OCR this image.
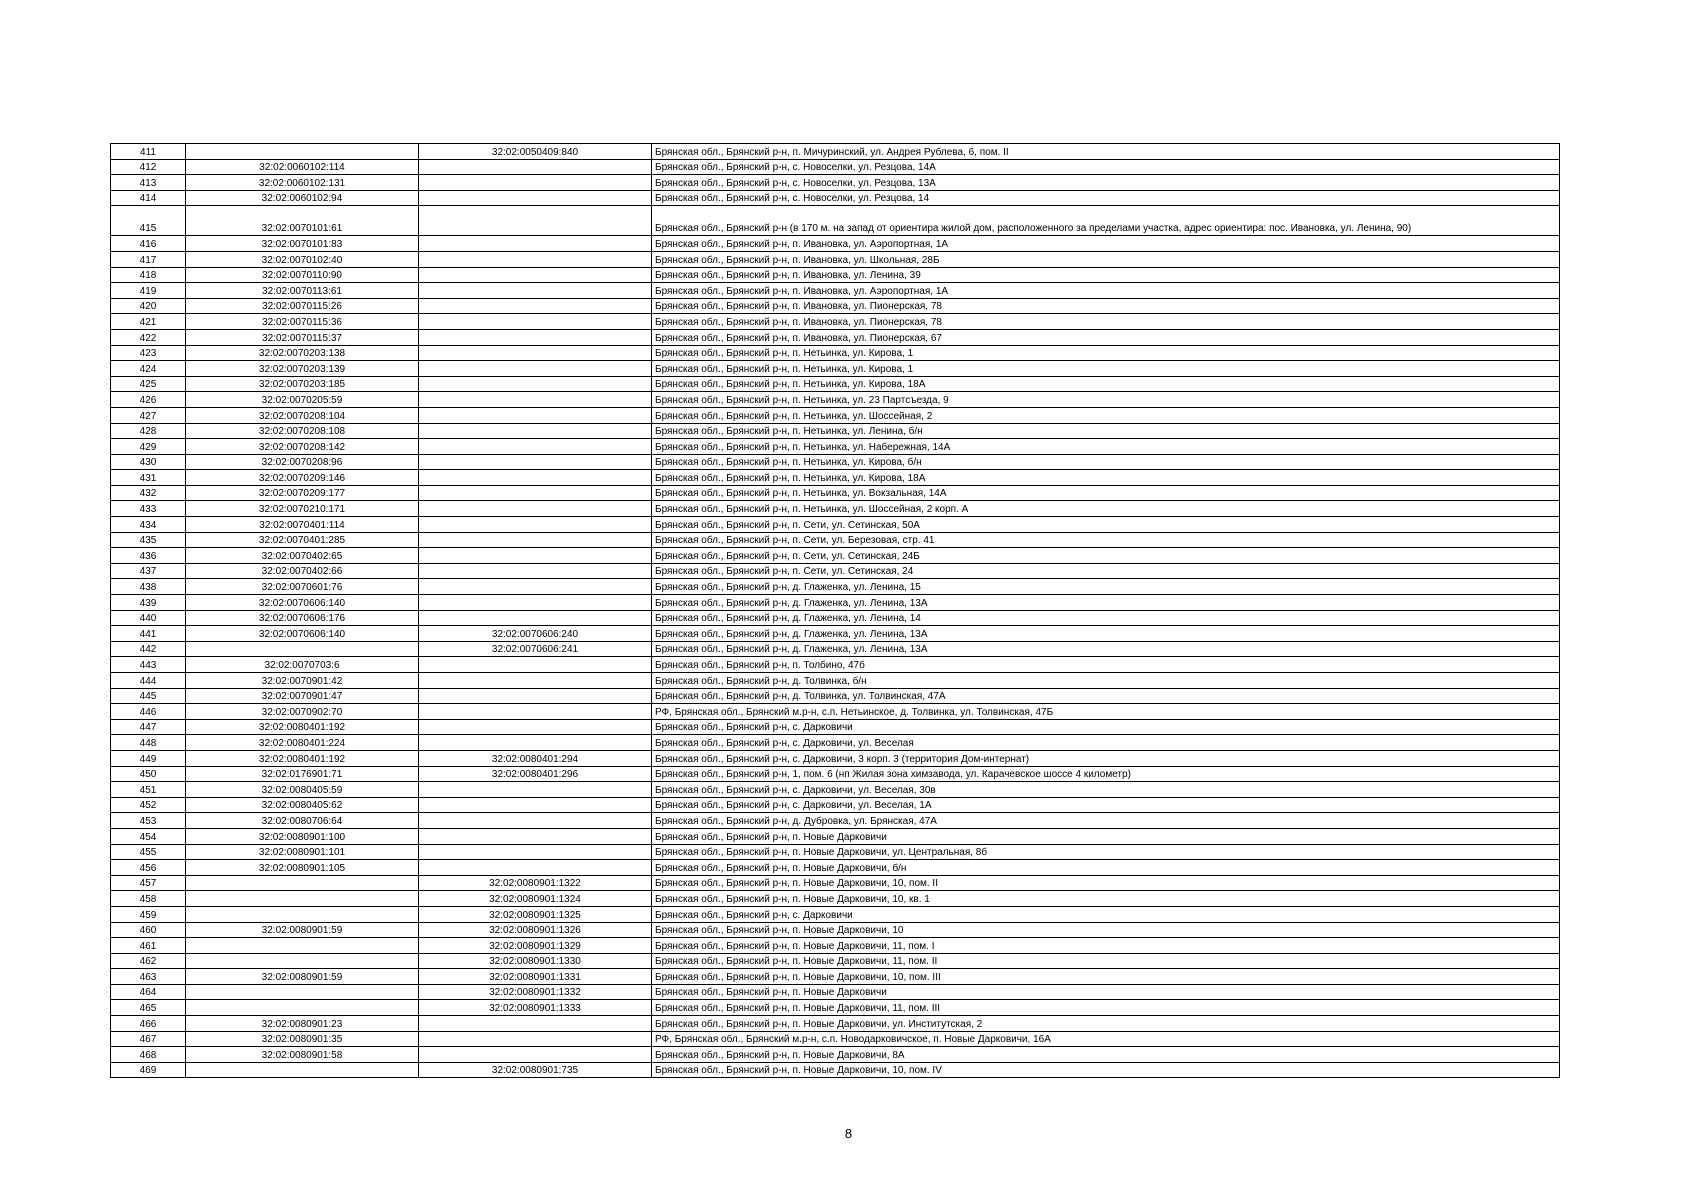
411		32:02:0050409:840	Брянская обл., Брянский р-н, п. Мичуринский, ул. Андрея Рублева, 6, пом. II
412	32:02:0060102:114		Брянская обл., Брянский р-н, с. Новоселки, ул. Резцова, 14А
413	32:02:0060102:131		Брянская обл., Брянский р-н, с. Новоселки, ул. Резцова, 13А
414	32:02:0060102:94		Брянская обл., Брянский р-н, с. Новоселки, ул. Резцова, 14
415	32:02:0070101:61		Брянская обл., Брянский р-н (в 170 м. на запад от ориентира жилой дом, расположенного за пределами участка, адрес ориентира: пос. Ивановка, ул. Ленина, 90)
416	32:02:0070101:83		Брянская обл., Брянский р-н, п. Ивановка, ул. Аэропортная, 1А
417	32:02:0070102:40		Брянская обл., Брянский р-н, п. Ивановка, ул. Школьная, 28Б
418	32:02:0070110:90		Брянская обл., Брянский р-н, п. Ивановка, ул. Ленина, 39
419	32:02:0070113:61		Брянская обл., Брянский р-н, п. Ивановка, ул. Аэропортная, 1А
420	32:02:0070115:26		Брянская обл., Брянский р-н, п. Ивановка, ул. Пионерская, 78
421	32:02:0070115:36		Брянская обл., Брянский р-н, п. Ивановка, ул. Пионерская, 78
422	32:02:0070115:37		Брянская обл., Брянский р-н, п. Ивановка, ул. Пионерская, 67
423	32:02:0070203:138		Брянская обл., Брянский р-н, п. Нетьинка, ул. Кирова, 1
424	32:02:0070203:139		Брянская обл., Брянский р-н, п. Нетьинка, ул. Кирова, 1
425	32:02:0070203:185		Брянская обл., Брянский р-н, п. Нетьинка, ул. Кирова, 18А
426	32:02:0070205:59		Брянская обл., Брянский р-н, п. Нетьинка, ул. 23 Партсъезда, 9
427	32:02:0070208:104		Брянская обл., Брянский р-н, п. Нетьинка, ул. Шоссейная, 2
428	32:02:0070208:108		Брянская обл., Брянский р-н, п. Нетьинка, ул. Ленина, б/н
429	32:02:0070208:142		Брянская обл., Брянский р-н, п. Нетьинка, ул. Набережная, 14А
430	32:02:0070208:96		Брянская обл., Брянский р-н, п. Нетьинка, ул. Кирова, б/н
431	32:02:0070209:146		Брянская обл., Брянский р-н, п. Нетьинка, ул. Кирова, 18А
432	32:02:0070209:177		Брянская обл., Брянский р-н, п. Нетьинка, ул. Вокзальная, 14А
433	32:02:0070210:171		Брянская обл., Брянский р-н, п. Нетьинка, ул. Шоссейная, 2 корп. А
434	32:02:0070401:114		Брянская обл., Брянский р-н, п. Сети, ул. Сетинская, 50А
435	32:02:0070401:285		Брянская обл., Брянский р-н, п. Сети, ул. Березовая, стр. 41
436	32:02:0070402:65		Брянская обл., Брянский р-н, п. Сети, ул. Сетинская, 24Б
437	32:02:0070402:66		Брянская обл., Брянский р-н, п. Сети, ул. Сетинская, 24
438	32:02:0070601:76		Брянская обл., Брянский р-н, д. Глаженка, ул. Ленина, 15
439	32:02:0070606:140		Брянская обл., Брянский р-н, д. Глаженка, ул. Ленина, 13А
440	32:02:0070606:176		Брянская обл., Брянский р-н, д. Глаженка, ул. Ленина, 14
441	32:02:0070606:140	32:02:0070606:240	Брянская обл., Брянский р-н, д. Глаженка, ул. Ленина, 13А
442		32:02:0070606:241	Брянская обл., Брянский р-н, д. Глаженка, ул. Ленина, 13А
443	32:02:0070703:6		Брянская обл., Брянский р-н, п. Толбино, 47б
444	32:02:0070901:42		Брянская обл., Брянский р-н, д. Толвинка, б/н
445	32:02:0070901:47		Брянская обл., Брянский р-н, д. Толвинка, ул. Толвинская, 47А
446	32:02:0070902:70		РФ, Брянская обл., Брянский м.р-н, с.п. Нетьинское, д. Толвинка, ул. Толвинская, 47Б
447	32:02:0080401:192		Брянская обл., Брянский р-н, с. Дарковичи
448	32:02:0080401:224		Брянская обл., Брянский р-н, с. Дарковичи, ул. Веселая
449	32:02:0080401:192	32:02:0080401:294	Брянская обл., Брянский р-н, с. Дарковичи, 3 корп. 3 (территория Дом-интернат)
450	32:02:0176901:71	32:02:0080401:296	Брянская обл., Брянский р-н, 1, пом. 6 (нп Жилая зона химзавода, ул. Карачевское шоссе 4 километр)
451	32:02:0080405:59		Брянская обл., Брянский р-н, с. Дарковичи, ул. Веселая, 30в
452	32:02:0080405:62		Брянская обл., Брянский р-н, с. Дарковичи, ул. Веселая, 1А
453	32:02:0080706:64		Брянская обл., Брянский р-н, д. Дубровка, ул. Брянская, 47А
454	32:02:0080901:100		Брянская обл., Брянский р-н, п. Новые Дарковичи
455	32:02:0080901:101		Брянская обл., Брянский р-н, п. Новые Дарковичи, ул. Центральная, 8б
456	32:02:0080901:105		Брянская обл., Брянский р-н, п. Новые Дарковичи, б/н
457		32:02:0080901:1322	Брянская обл., Брянский р-н, п. Новые Дарковичи, 10, пом. II
458		32:02:0080901:1324	Брянская обл., Брянский р-н, п. Новые Дарковичи, 10, кв. 1
459		32:02:0080901:1325	Брянская обл., Брянский р-н, с. Дарковичи
460	32:02:0080901:59	32:02:0080901:1326	Брянская обл., Брянский р-н, п. Новые Дарковичи, 10
461		32:02:0080901:1329	Брянская обл., Брянский р-н, п. Новые Дарковичи, 11, пом. I
462		32:02:0080901:1330	Брянская обл., Брянский р-н, п. Новые Дарковичи, 11, пом. II
463	32:02:0080901:59	32:02:0080901:1331	Брянская обл., Брянский р-н, п. Новые Дарковичи, 10, пом. III
464		32:02:0080901:1332	Брянская обл., Брянский р-н, п. Новые Дарковичи
465		32:02:0080901:1333	Брянская обл., Брянский р-н, п. Новые Дарковичи, 11, пом. III
466	32:02:0080901:23		Брянская обл., Брянский р-н, п. Новые Дарковичи, ул. Институтская, 2
467	32:02:0080901:35		РФ, Брянская обл., Брянский м.р-н, с.п. Новодарковичское, п. Новые Дарковичи, 16А
468	32:02:0080901:58		Брянская обл., Брянский р-н, п. Новые Дарковичи, 8А
469		32:02:0080901:735	Брянская обл., Брянский р-н, п. Новые Дарковичи, 10, пом. IV
8
